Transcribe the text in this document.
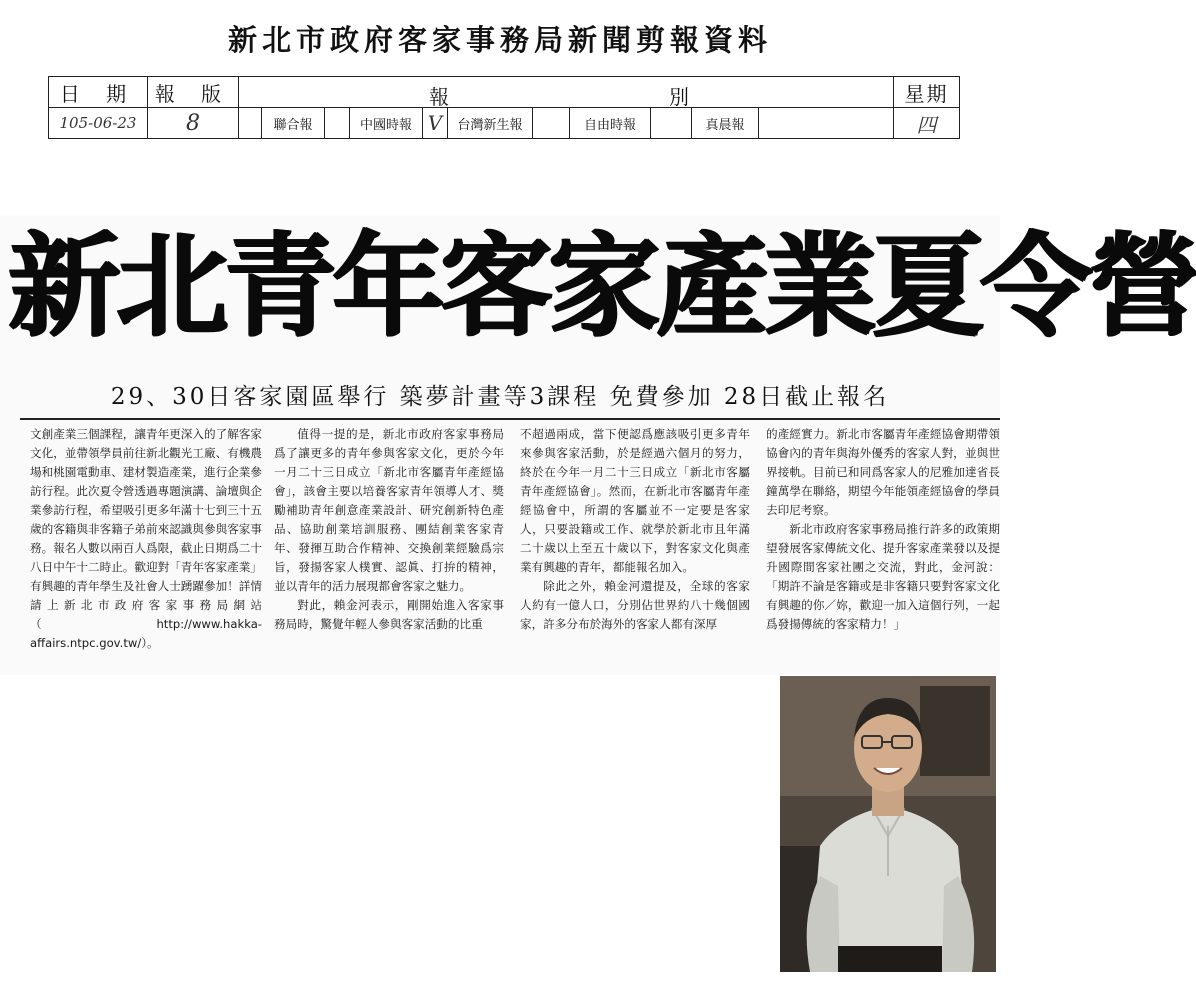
新北市政府客家事務局新聞剪報資料
日 期	報 版	報 別											星期
105-06-23	8		聯合報		中國時報	V	台灣新生報		自由時報		真晨報		四
新北青年客家產業夏令營
29、30日客家園區舉行 築夢計畫等3課程 免費參加 28日截止報名

文創產業三個課程，讓青年更深入的了解客家文化，並帶領學員前往新北觀光工廠、有機農場和桃園電動車、建材製造產業，進行企業參訪行程。此次夏令營透過專題演講、論壇與企業參訪行程，希望吸引更多年滿十七到三十五歲的客籍與非客籍子弟前來認識與參與客家事務。報名人數以兩百人爲限，截止日期爲二十八日中午十二時止。歡迎對「青年客家產業」有興趣的青年學生及社會人士踴躍參加！詳情請上新北市政府客家事務局網站（http://www.hakka-affairs.ntpc.gov.tw/）。

值得一提的是，新北市政府客家事務局爲了讓更多的青年參與客家文化，更於今年一月二十三日成立「新北市客屬青年產經協會」，該會主要以培養客家青年領導人才、獎勵補助青年創意產業設計、研究創新特色產品、協助創業培訓服務、團結創業客家青年、發揮互助合作精神、交換創業經驗爲宗旨，發揚客家人樸實、認眞、打拚的精神，並以青年的活力展現都會客家之魅力。

對此，賴金河表示，剛開始進入客家事務局時，驚覺年輕人參與客家活動的比重

不超過兩成，當下便認爲應該吸引更多青年來參與客家活動，於是經過六個月的努力，終於在今年一月二十三日成立「新北市客屬青年產經協會」。然而，在新北市客屬青年產經協會中，所謂的客屬並不一定要是客家人，只要設籍或工作、就學於新北市且年滿二十歲以上至五十歲以下，對客家文化與產業有興趣的青年，都能報名加入。

除此之外，賴金河還提及，全球的客家人約有一億人口，分別佔世界約八十幾個國家，許多分布於海外的客家人都有深厚

的產經實力。新北市客屬青年產經協會期帶領協會內的青年與海外優秀的客家人對，並與世界接軌。目前已和同爲客家人的尼雅加達省長鐘萬學在聯絡，期望今年能領產經協會的學員去印尼考察。

新北市政府客家事務局推行許多的政策期望發展客家傳統文化、提升客家產業發以及提升國際間客家社團之交流，對此，金河說：「期許不論是客籍或是非客籍只要對客家文化有興趣的你／妳，歡迎一加入這個行列，一起爲發揚傳統的客家精力！」
